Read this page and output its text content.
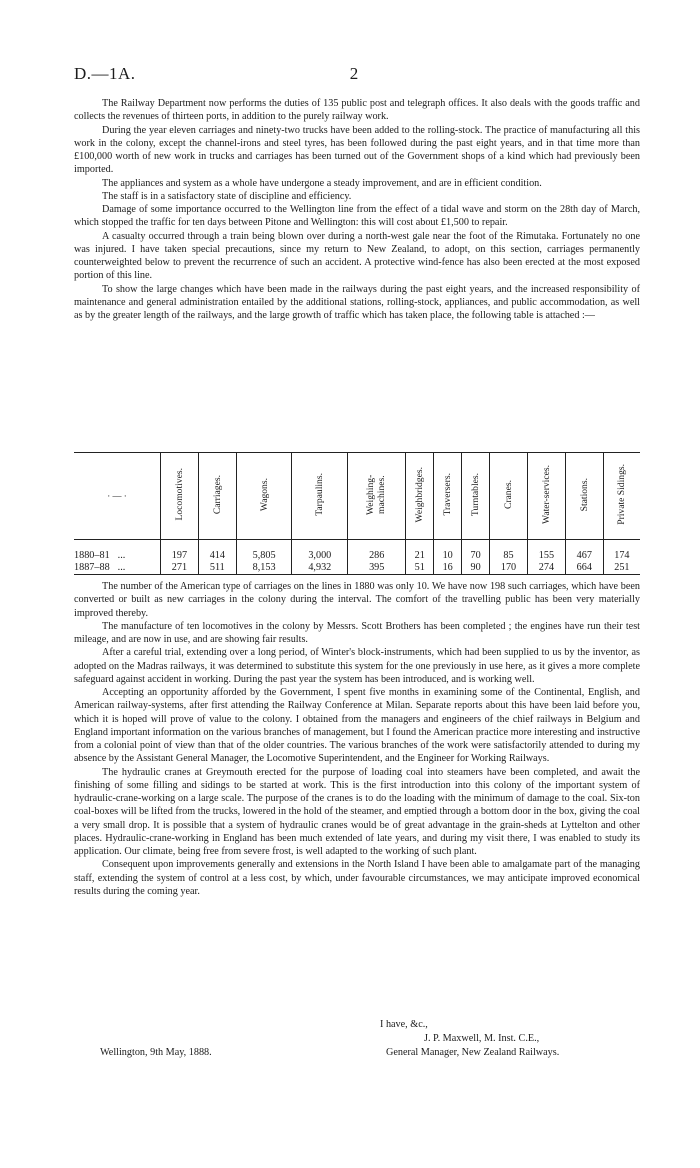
D.—1A.	2

The Railway Department now performs the duties of 135 public post and telegraph offices. It also deals with the goods traffic and collects the revenues of thirteen ports, in addition to the purely railway work.

During the year eleven carriages and ninety-two trucks have been added to the rolling-stock. The practice of manufacturing all this work in the colony, except the channel-irons and steel tyres, has been followed during the past eight years, and in that time more than £100,000 worth of new work in trucks and carriages has been turned out of the Government shops of a kind which had previously been imported.

The appliances and system as a whole have undergone a steady improvement, and are in efficient condition.

The staff is in a satisfactory state of discipline and efficiency.

Damage of some importance occurred to the Wellington line from the effect of a tidal wave and storm on the 28th day of March, which stopped the traffic for ten days between Pitone and Wellington: this will cost about £1,500 to repair.

A casualty occurred through a train being blown over during a north-west gale near the foot of the Rimutaka. Fortunately no one was injured. I have taken special precautions, since my return to New Zealand, to adopt, on this section, carriages permanently counterweighted below to prevent the recurrence of such an accident. A protective wind-fence has also been erected at the most exposed portion of this line.

To show the large changes which have been made in the railways during the past eight years, and the increased responsibility of maintenance and general administration entailed by the additional stations, rolling-stock, appliances, and public accommodation, as well as by the greater length of the railways, and the large growth of traffic which has taken place, the following table is attached :—

· — ·	Locomotives.	Carriages.	Wagons.	Tarpaulins.	Weighing-machines.	Weighbridges.	Traversers.	Turntables.	Cranes.	Water-services.	Stations.	Private Sidings.
1880–81 ...	197	414	5,805	3,000	286	21	10	70	85	155	467	174
1887–88 ...	271	511	8,153	4,932	395	51	16	90	170	274	664	251

The number of the American type of carriages on the lines in 1880 was only 10. We have now 198 such carriages, which have been converted or built as new carriages in the colony during the interval. The comfort of the travelling public has been very materially improved thereby.

The manufacture of ten locomotives in the colony by Messrs. Scott Brothers has been completed ; the engines have run their test mileage, and are now in use, and are showing fair results.

After a careful trial, extending over a long period, of Winter's block-instruments, which had been supplied to us by the inventor, as adopted on the Madras railways, it was determined to substitute this system for the one previously in use here, as it gives a more complete safeguard against accident in working. During the past year the system has been introduced, and is working well.

Accepting an opportunity afforded by the Government, I spent five months in examining some of the Continental, English, and American railway-systems, after first attending the Railway Conference at Milan. Separate reports about this have been laid before you, which it is hoped will prove of value to the colony. I obtained from the managers and engineers of the chief railways in Belgium and England important information on the various branches of management, but I found the American practice more interesting and instructive from a colonial point of view than that of the older countries. The various branches of the work were satisfactorily attended to during my absence by the Assistant General Manager, the Locomotive Superintendent, and the Engineer for Working Railways.

The hydraulic cranes at Greymouth erected for the purpose of loading coal into steamers have been completed, and await the finishing of some filling and sidings to be started at work. This is the first introduction into this colony of the important system of hydraulic-crane-working on a large scale. The purpose of the cranes is to do the loading with the minimum of damage to the coal. Six-ton coal-boxes will be lifted from the trucks, lowered in the hold of the steamer, and emptied through a bottom door in the box, giving the coal a very small drop. It is possible that a system of hydraulic cranes would be of great advantage in the grain-sheds at Lyttelton and other places. Hydraulic-crane-working in England has been much extended of late years, and during my visit there, I was enabled to study its application. Our climate, being free from severe frost, is well adapted to the working of such plant.

Consequent upon improvements generally and extensions in the North Island I have been able to amalgamate part of the managing staff, extending the system of control at a less cost, by which, under favourable circumstances, we may anticipate improved economical results during the coming year.

I have, &c.,
J. P. Maxwell, M. Inst. C.E.,
General Manager, New Zealand Railways.
Wellington, 9th May, 1888.
